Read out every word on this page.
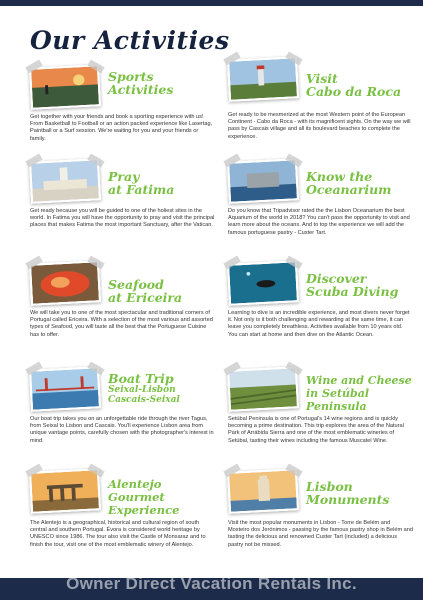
Our Activities
Sports
Activities
Get together with your friends and book a sporting experience with us! From Basketball to Football or an action packed experience like Lasertag, Paintball or a Surf session. We're waiting for you and your friends or family.
Visit
Cabo da Roca
Get ready to be mesmerized at the most Western point of the European Continent - Cabo da Roca - with its magnificent sights. On the way we will pass by Cascais village and all its boulevard beaches to complete the experience.
Pray
at Fatima
Get ready because you will be guided to one of the holiest sites in the world. In Fatima you will have the opportunity to pray and visit the principal places that makes Fatima the most important Sanctuary, after the Vatican.
Know the
Oceanarium
Do you know that Tripadvisor rated the the Lisbon Oceanarium the best Aquarium of the world in 2018? You can't pass the opportunity to visit and learn more about the oceans. And to top the experience we will add the famous portuguese pastry - Custer Tart.
Seafood
at Ericeira
We will take you to one of the most spectacular and traditional corners of Portugal called Ericeira. With a selection of the most various and assorted types of Seafood, you will taste all the best that the Portuguese Cuisine has to offer.
Discover
Scuba Diving
Learning to dive is an incredible experience, and most divers never forget it. Not only is it both challenging and rewarding at the same time, it can leave you completely breathless. Activities available from 10 years old. You can start at home and then dive on the Atlantic Ocean.
Boat Trip
Seixal-Lisbon
Cascais-Seixal
Our boat trip takes you on an unforgettable ride through the river Tagus, from Seixal to Lisbon and Cascais. You'll experience Lisbon area from unique vantage points, carefully chosen with the photographer's interest in mind.
Wine and Cheese
in Setúbal
Peninsula
Setúbal Peninsula is one of Portugal's 14 wine regions and is quickly becoming a prime destination. This trip explores the area of the Natural Park of Arrábida Sierra and one of the most emblematic wineries of Setúbal, tasting their wines including the famous Muscatel Wine.
Alentejo Gourmet
Experience
The Alentejo is a geographical, historical and cultural region of south central and southern Portugal. Évora is considered world heritage by UNESCO since 1986. The tour also visit the Castle of Monsaraz and to finish the tour, visit one of the most emblematic winery of Alentejo.
Lisbon
Monuments
Visit the most popular monuments in Lisbon - Torre de Belém and Mosteiro dos Jerónimos - passing by the famous pastry shop in Belém and tasting the delicious and renowned Custer Tart (included) a delicious pastry not be missed.
Owner Direct Vacation Rentals Inc.
